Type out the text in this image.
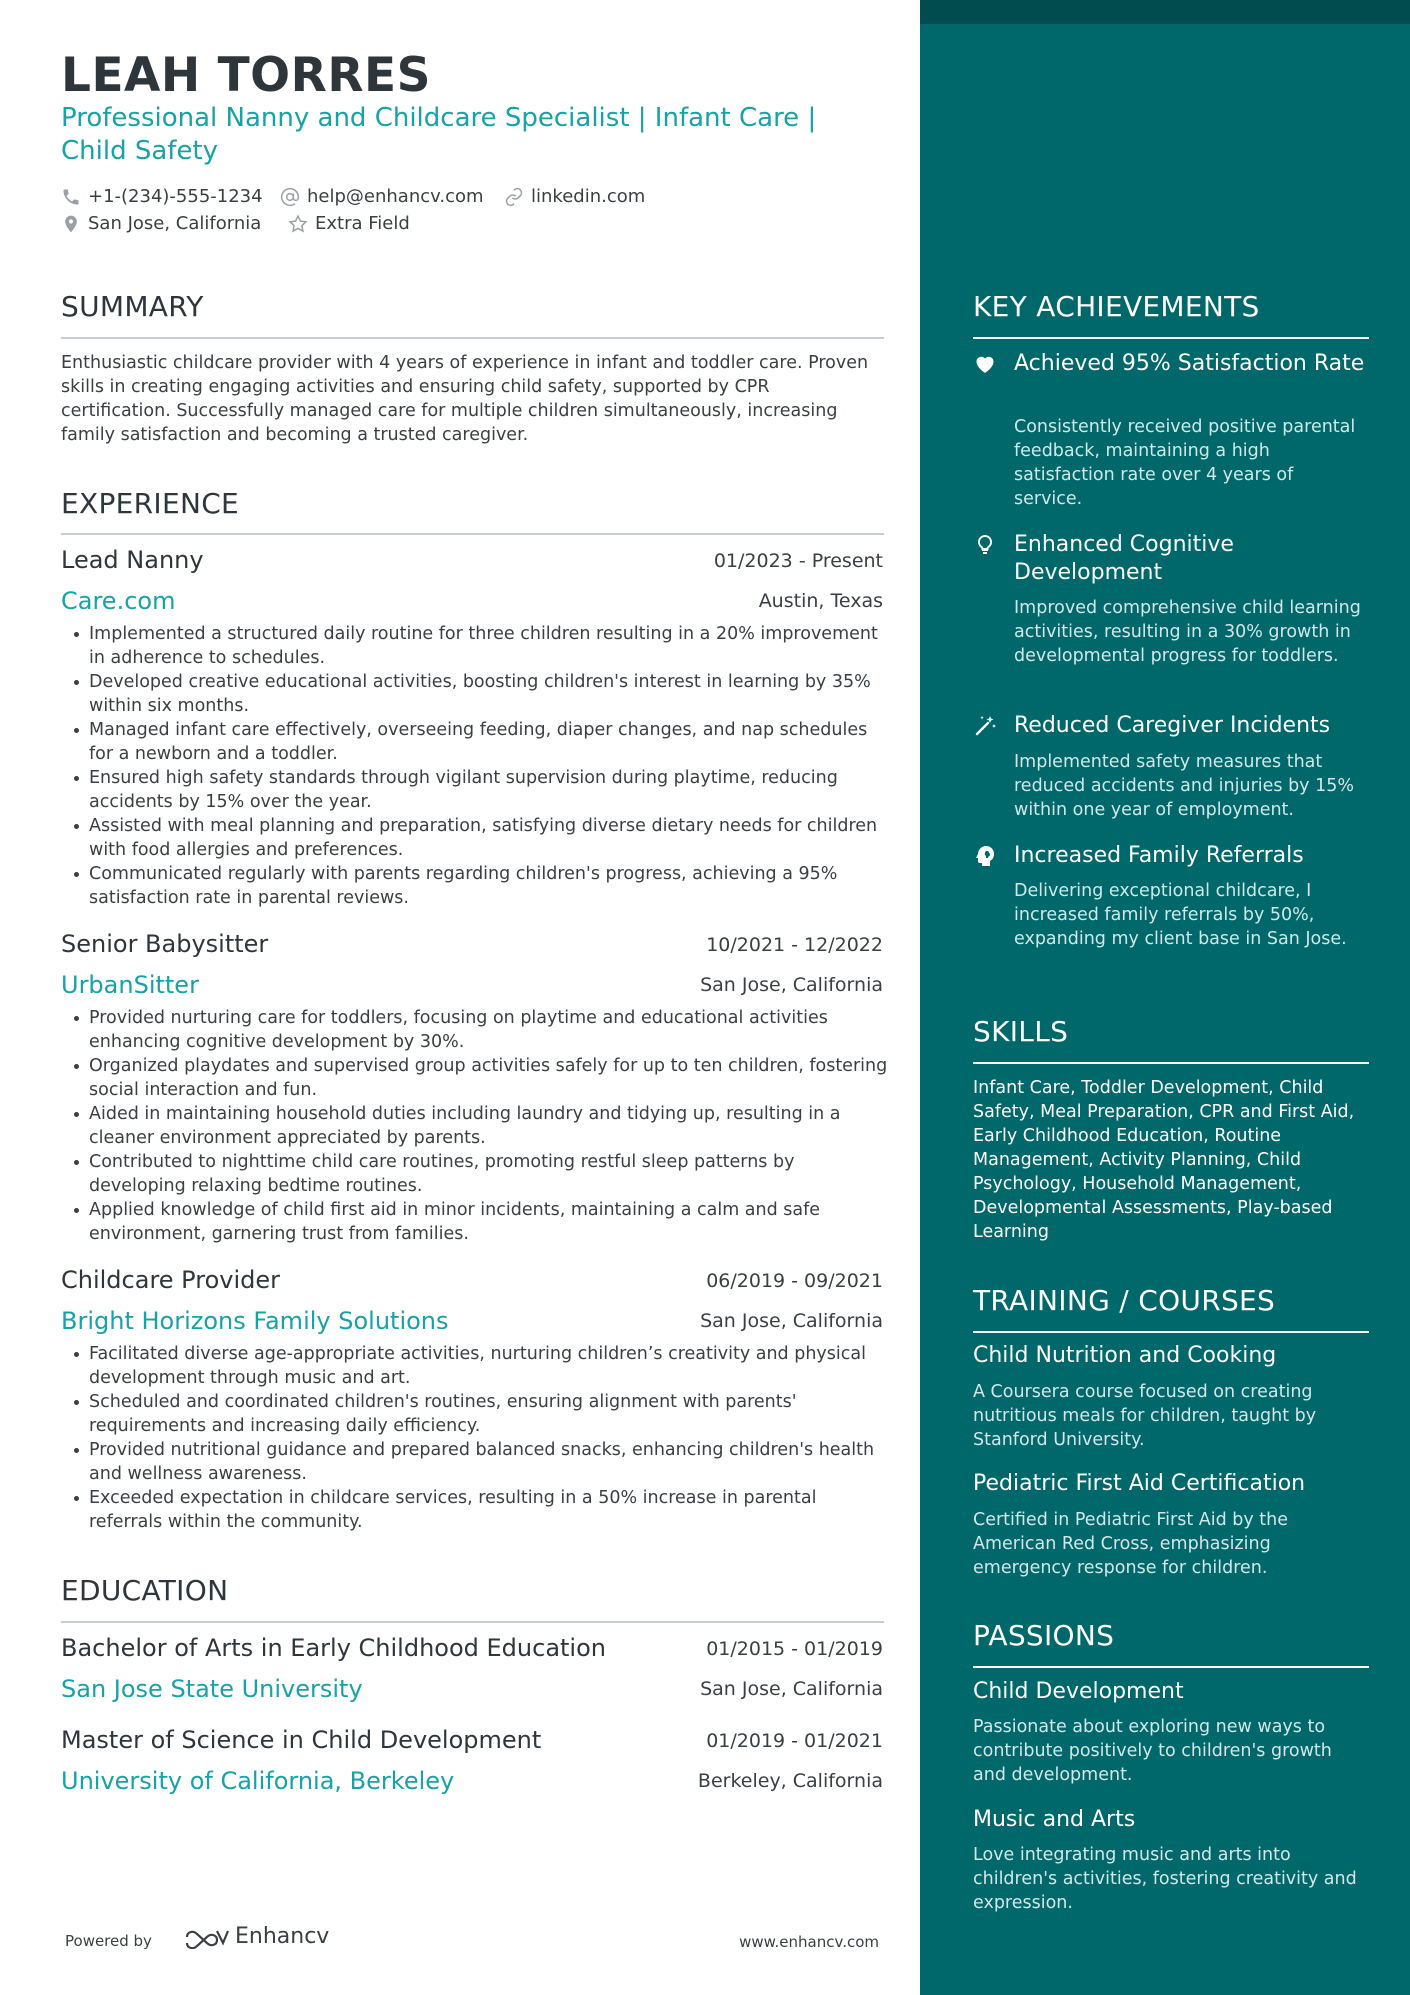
LEAH TORRES

Professional Nanny and Childcare Specialist | Infant Care | Child Safety

+1-(234)-555-1234 help@enhancv.com	linkedin.com
San Jose, California	Extra Field
SUMMARY

Enthusiastic childcare provider with 4 years of experience in infant and toddler care. Proven skills in creating engaging activities and ensuring child safety, supported by CPR certification. Successfully managed care for multiple children simultaneously, increasing family satisfaction and becoming a trusted caregiver.

EXPERIENCE
Lead Nanny	01/2023 - Present
Care.com	Austin, Texas
Implemented a structured daily routine for three children resulting in a 20% improvement in adherence to schedules.
Developed creative educational activities, boosting children's interest in learning by 35% within six months.
Managed infant care effectively, overseeing feeding, diaper changes, and nap schedules for a newborn and a toddler.
Ensured high safety standards through vigilant supervision during playtime, reducing accidents by 15% over the year.
Assisted with meal planning and preparation, satisfying diverse dietary needs for children with food allergies and preferences.
Communicated regularly with parents regarding children's progress, achieving a 95% satisfaction rate in parental reviews.
Senior Babysitter	10/2021 - 12/2022
UrbanSitter	San Jose, California
Provided nurturing care for toddlers, focusing on playtime and educational activities enhancing cognitive development by 30%.
Organized playdates and supervised group activities safely for up to ten children, fostering social interaction and fun.
Aided in maintaining household duties including laundry and tidying up, resulting in a cleaner environment appreciated by parents.
Contributed to nighttime child care routines, promoting restful sleep patterns by developing relaxing bedtime routines.
Applied knowledge of child first aid in minor incidents, maintaining a calm and safe environment, garnering trust from families.
Childcare Provider	06/2019 - 09/2021
Bright Horizons Family Solutions	San Jose, California
Facilitated diverse age-appropriate activities, nurturing children’s creativity and physical development through music and art.
Scheduled and coordinated children's routines, ensuring alignment with parents' requirements and increasing daily efficiency.
Provided nutritional guidance and prepared balanced snacks, enhancing children's health and wellness awareness.
Exceeded expectation in childcare services, resulting in a 50% increase in parental referrals within the community.
EDUCATION
Bachelor of Arts in Early Childhood Education	01/2015 - 01/2019
San Jose State University	San Jose, California
Master of Science in Child Development	01/2019 - 01/2021
University of California, Berkeley	Berkeley, California
Powered by	Enhancv	www.enhancv.com
KEY ACHIEVEMENTS
Achieved 95% Satisfaction Rate
Consistently received positive parental feedback, maintaining a high satisfaction rate over 4 years of service.
Enhanced Cognitive Development
Improved comprehensive child learning activities, resulting in a 30% growth in developmental progress for toddlers.
Reduced Caregiver Incidents
Implemented safety measures that reduced accidents and injuries by 15% within one year of employment.
Increased Family Referrals
Delivering exceptional childcare, I increased family referrals by 50%, expanding my client base in San Jose.
SKILLS
Infant Care, Toddler Development, Child Safety, Meal Preparation, CPR and First Aid, Early Childhood Education, Routine Management, Activity Planning, Child Psychology, Household Management, Developmental Assessments, Play-based Learning
TRAINING / COURSES
Child Nutrition and Cooking
A Coursera course focused on creating nutritious meals for children, taught by Stanford University.
Pediatric First Aid Certification
Certified in Pediatric First Aid by the American Red Cross, emphasizing emergency response for children.
PASSIONS
Child Development
Passionate about exploring new ways to contribute positively to children's growth and development.
Music and Arts
Love integrating music and arts into children's activities, fostering creativity and expression.
